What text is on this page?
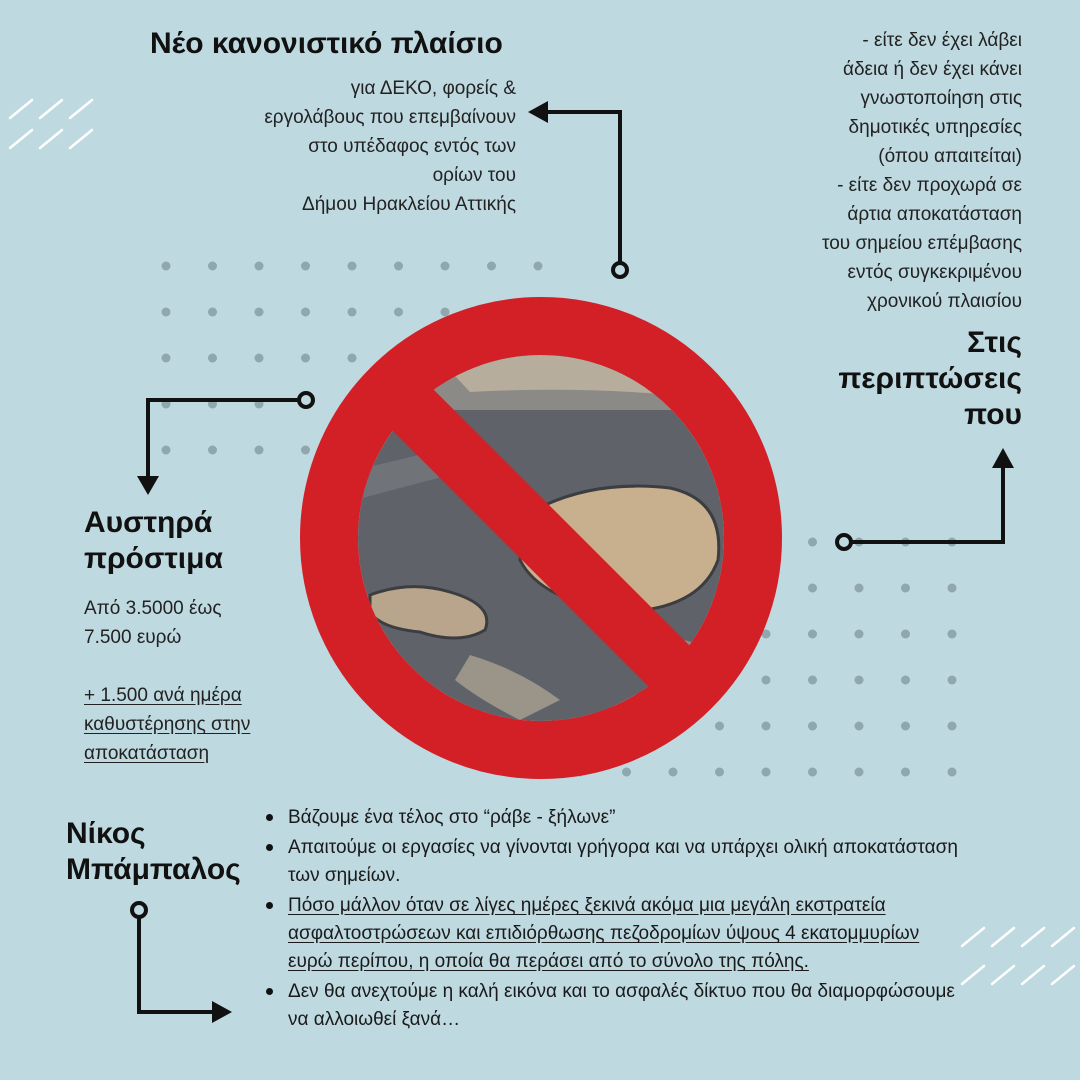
Νέο κανονιστικό πλαίσιο
για ΔΕΚΟ, φορείς &
εργολάβους που επεμβαίνουν
στο υπέδαφος εντός των
ορίων του
Δήμου Ηρακλείου Αττικής
- είτε δεν έχει λάβει
άδεια ή δεν έχει κάνει
γνωστοποίηση στις
δημοτικές υπηρεσίες
(όπου απαιτείται)
- είτε δεν προχωρά σε
άρτια αποκατάσταση
του σημείου επέμβασης
εντός συγκεκριμένου
χρονικού πλαισίου
Στις
περιπτώσεις
που
Αυστηρά
πρόστιμα
Από 3.5000 έως
7.500 ευρώ
+ 1.500 ανά ημέρα
καθυστέρησης στην
αποκατάσταση
Νίκος
Μπάμπαλος
Βάζουμε ένα τέλος στο “ράβε - ξήλωνε”
Απαιτούμε οι εργασίες να γίνονται γρήγορα και να υπάρχει ολική αποκατάσταση των σημείων.
Πόσο μάλλον όταν σε λίγες ημέρες ξεκινά ακόμα μια μεγάλη εκστρατεία ασφαλτοστρώσεων και επιδιόρθωσης πεζοδρομίων ύψους 4 εκατομμυρίων ευρώ περίπου, η οποία θα περάσει από το σύνολο της πόλης.
Δεν θα ανεχτούμε η καλή εικόνα και το ασφαλές δίκτυο που θα διαμορφώσουμε να αλλοιωθεί ξανά…
